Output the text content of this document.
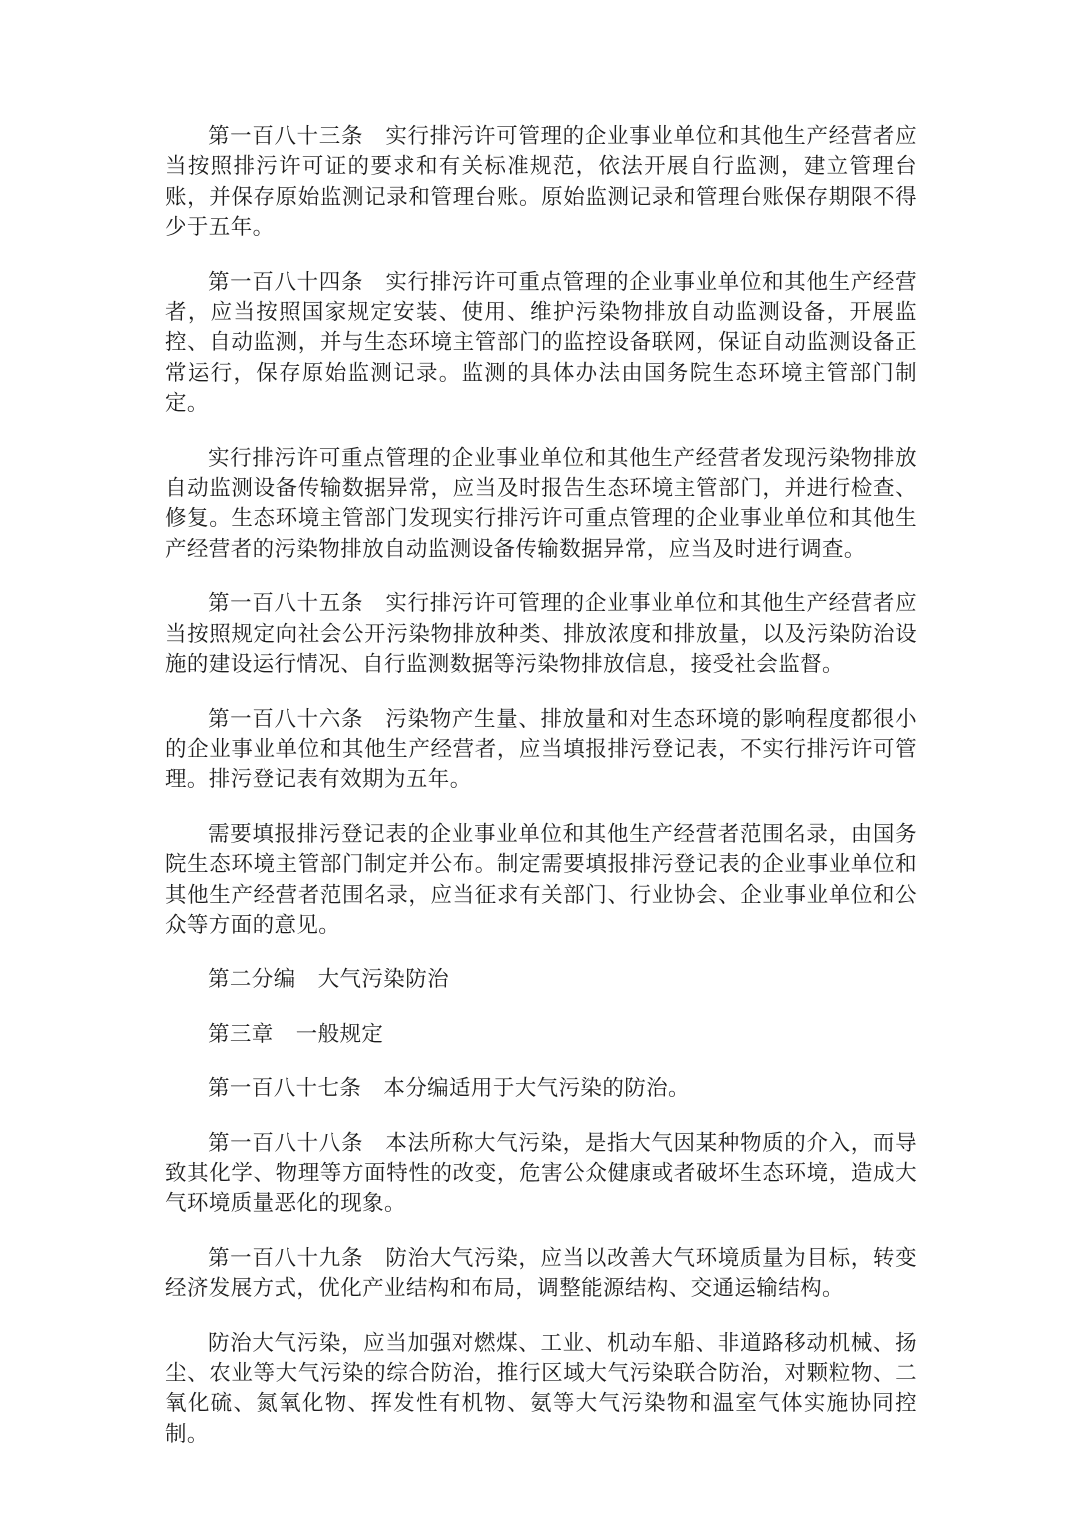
第一百八十三条 实行排污许可管理的企业事业单位和其他生产经营者应当按照排污许可证的要求和有关标准规范，依法开展自行监测，建立管理台账，并保存原始监测记录和管理台账。原始监测记录和管理台账保存期限不得少于五年。

第一百八十四条 实行排污许可重点管理的企业事业单位和其他生产经营者，应当按照国家规定安装、使用、维护污染物排放自动监测设备，开展监控、自动监测，并与生态环境主管部门的监控设备联网，保证自动监测设备正常运行，保存原始监测记录。监测的具体办法由国务院生态环境主管部门制定。

实行排污许可重点管理的企业事业单位和其他生产经营者发现污染物排放自动监测设备传输数据异常，应当及时报告生态环境主管部门，并进行检查、修复。生态环境主管部门发现实行排污许可重点管理的企业事业单位和其他生产经营者的污染物排放自动监测设备传输数据异常，应当及时进行调查。

第一百八十五条 实行排污许可管理的企业事业单位和其他生产经营者应当按照规定向社会公开污染物排放种类、排放浓度和排放量，以及污染防治设施的建设运行情况、自行监测数据等污染物排放信息，接受社会监督。

第一百八十六条 污染物产生量、排放量和对生态环境的影响程度都很小的企业事业单位和其他生产经营者，应当填报排污登记表，不实行排污许可管理。排污登记表有效期为五年。

需要填报排污登记表的企业事业单位和其他生产经营者范围名录，由国务院生态环境主管部门制定并公布。制定需要填报排污登记表的企业事业单位和其他生产经营者范围名录，应当征求有关部门、行业协会、企业事业单位和公众等方面的意见。

第二分编 大气污染防治

第三章 一般规定

第一百八十七条 本分编适用于大气污染的防治。

第一百八十八条 本法所称大气污染，是指大气因某种物质的介入，而导致其化学、物理等方面特性的改变，危害公众健康或者破坏生态环境，造成大气环境质量恶化的现象。

第一百八十九条 防治大气污染，应当以改善大气环境质量为目标，转变经济发展方式，优化产业结构和布局，调整能源结构、交通运输结构。

防治大气污染，应当加强对燃煤、工业、机动车船、非道路移动机械、扬尘、农业等大气污染的综合防治，推行区域大气污染联合防治，对颗粒物、二氧化硫、氮氧化物、挥发性有机物、氨等大气污染物和温室气体实施协同控制。
